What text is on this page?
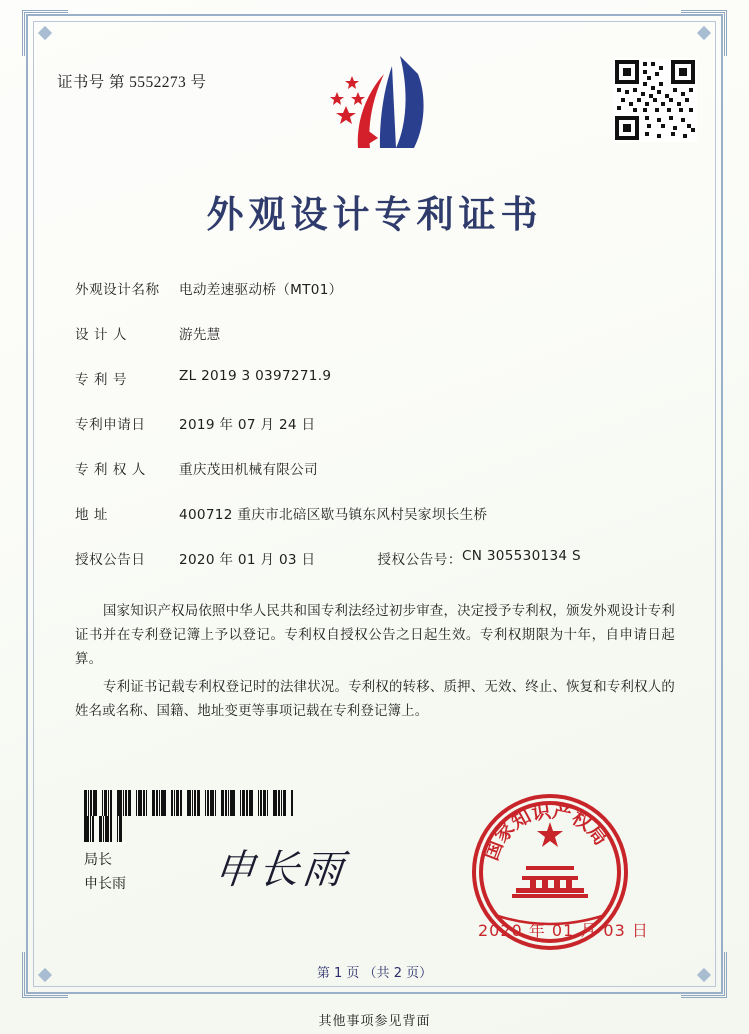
证书号 第 5552273 号
外观设计专利证书
外观设计名称	电动差速驱动桥（MT01）
设 计 人	游先慧
专 利 号	ZL 2019 3 0397271.9
专利申请日	2019 年 07 月 24 日
专 利 权 人	重庆茂田机械有限公司
地 址	400712 重庆市北碚区歇马镇东风村吴家坝长生桥
授权公告日	2020 年 01 月 03 日	授权公告号： CN 305530134 S

国家知识产权局依照中华人民共和国专利法经过初步审查，决定授予专利权，颁发外观设计专利证书并在专利登记簿上予以登记。专利权自授权公告之日起生效。专利权期限为十年，自申请日起算。

专利证书记载专利权登记时的法律状况。专利权的转移、质押、无效、终止、恢复和专利权人的姓名或名称、国籍、地址变更等事项记载在专利登记簿上。

局长
申长雨 申长雨	国家知识产权局
2020 年 01 月 03 日
第 1 页 （共 2 页）
其他事项参见背面
